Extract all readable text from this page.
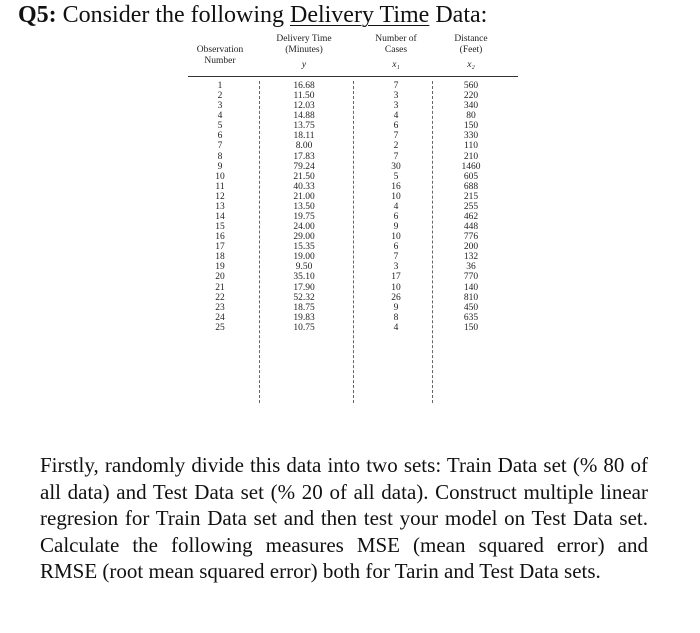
Q5: Consider the following Delivery Time Data:
Observation
Number
Delivery Time
(Minutes)
y
Number of
Cases
x₁
Distance
(Feet)
x₂
1
2
3
4
5
6
7
8
9
10
11
12
13
14
15
16
17
18
19
20
21
22
23
24
25
16.68
11.50
12.03
14.88
13.75
18.11
8.00
17.83
79.24
21.50
40.33
21.00
13.50
19.75
24.00
29.00
15.35
19.00
9.50
35.10
17.90
52.32
18.75
19.83
10.75
7
3
3
4
6
7
2
7
30
5
16
10
4
6
9
10
6
7
3
17
10
26
9
8
4
560
220
340
80
150
330
110
210
1460
605
688
215
255
462
448
776
200
132
36
770
140
810
450
635
150
Firstly, randomly divide this data into two sets: Train Data set (% 80 of all data) and Test Data set (% 20 of all data). Construct multiple linear regresion for Train Data set and then test your model on Test Data set. Calculate the following measures MSE (mean squared error) and RMSE (root mean squared error) both for Tarin and Test Data sets.
